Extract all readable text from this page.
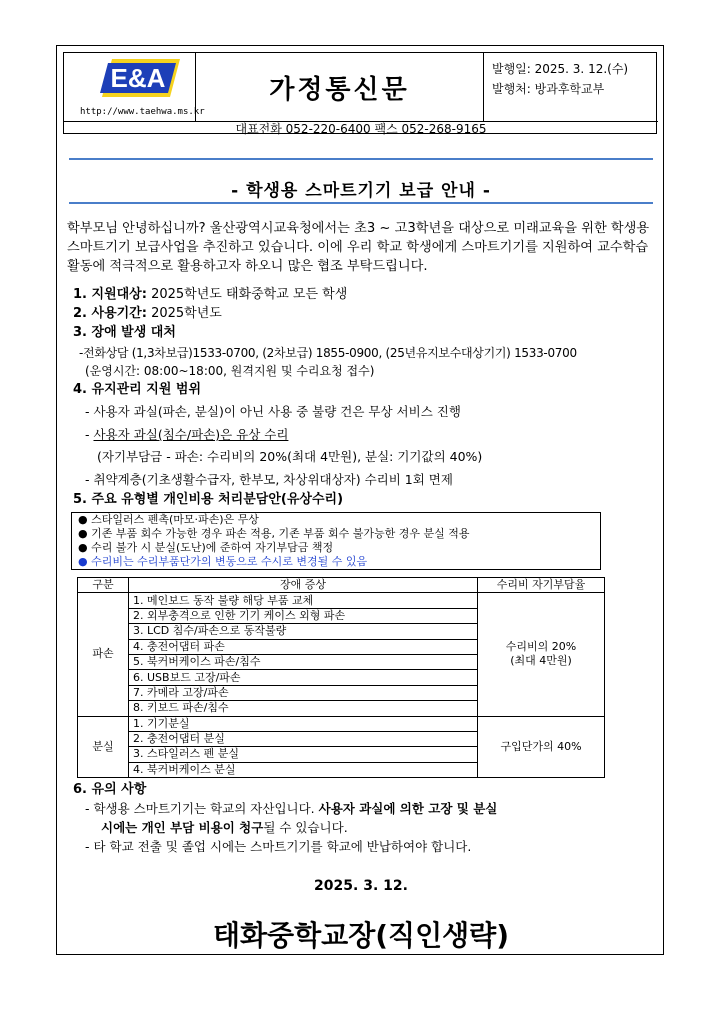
E&A
http://www.taehwa.ms.kr
가정통신문
발행일: 2025. 3. 12.(수)
발행처: 방과후학교부
대표전화 052-220-6400 팩스 052-268-9165
- 학생용 스마트기기 보급 안내 -
학부모님 안녕하십니까? 울산광역시교육청에서는 초3 ~ 고3학년을 대상으로 미래교육을 위한 학생용 스마트기기 보급사업을 추진하고 있습니다. 이에 우리 학교 학생에게 스마트기기를 지원하여 교수학습 활동에 적극적으로 활용하고자 하오니 많은 협조 부탁드립니다.
1. 지원대상: 2025학년도 태화중학교 모든 학생
2. 사용기간: 2025학년도
3. 장애 발생 대처
-전화상담 (1,3차보급)1533-0700, (2차보급) 1855-0900, (25년유지보수대상기기) 1533-0700
(운영시간: 08:00~18:00, 원격지원 및 수리요청 접수)
4. 유지관리 지원 범위
- 사용자 과실(파손, 분실)이 아닌 사용 중 불량 건은 무상 서비스 진행
- 사용자 과실(침수/파손)은 유상 수리
(자기부담금 - 파손: 수리비의 20%(최대 4만원), 분실: 기기값의 40%)
- 취약계층(기초생활수급자, 한부모, 차상위대상자) 수리비 1회 면제
5. 주요 유형별 개인비용 처리분담안(유상수리)
● 스타일러스 펜촉(마모·파손)은 무상
● 기존 부품 회수 가능한 경우 파손 적용, 기존 부품 회수 불가능한 경우 분실 적용
● 수리 불가 시 분실(도난)에 준하여 자기부담금 책정
● 수리비는 수리부품단가의 변동으로 수시로 변경될 수 있음
구분	장애 증상	수리비 자기부담율
파손	1. 메인보드 동작 불량 해당 부품 교체	수리비의 20%
(최대 4만원)

	2. 외부충격으로 인한 기기 케이스 외형 파손	
	3. LCD 침수/파손으로 동작불량	
	4. 충전어댑터 파손	
	5. 북커버케이스 파손/침수	
	6. USB보드 고장/파손	
	7. 카메라 고장/파손	
	8. 키보드 파손/침수	
분실	1. 기기분실	구입단가의 40%
	2. 충전어댑터 분실	
	3. 스타일러스 펜 분실	
	4. 북커버케이스 분실	
6. 유의 사항
- 학생용 스마트기기는 학교의 자산입니다. 사용자 과실에 의한 고장 및 분실
시에는 개인 부담 비용이 청구될 수 있습니다.
- 타 학교 전출 및 졸업 시에는 스마트기기를 학교에 반납하여야 합니다.
2025. 3. 12.
태화중학교장(직인생략)
